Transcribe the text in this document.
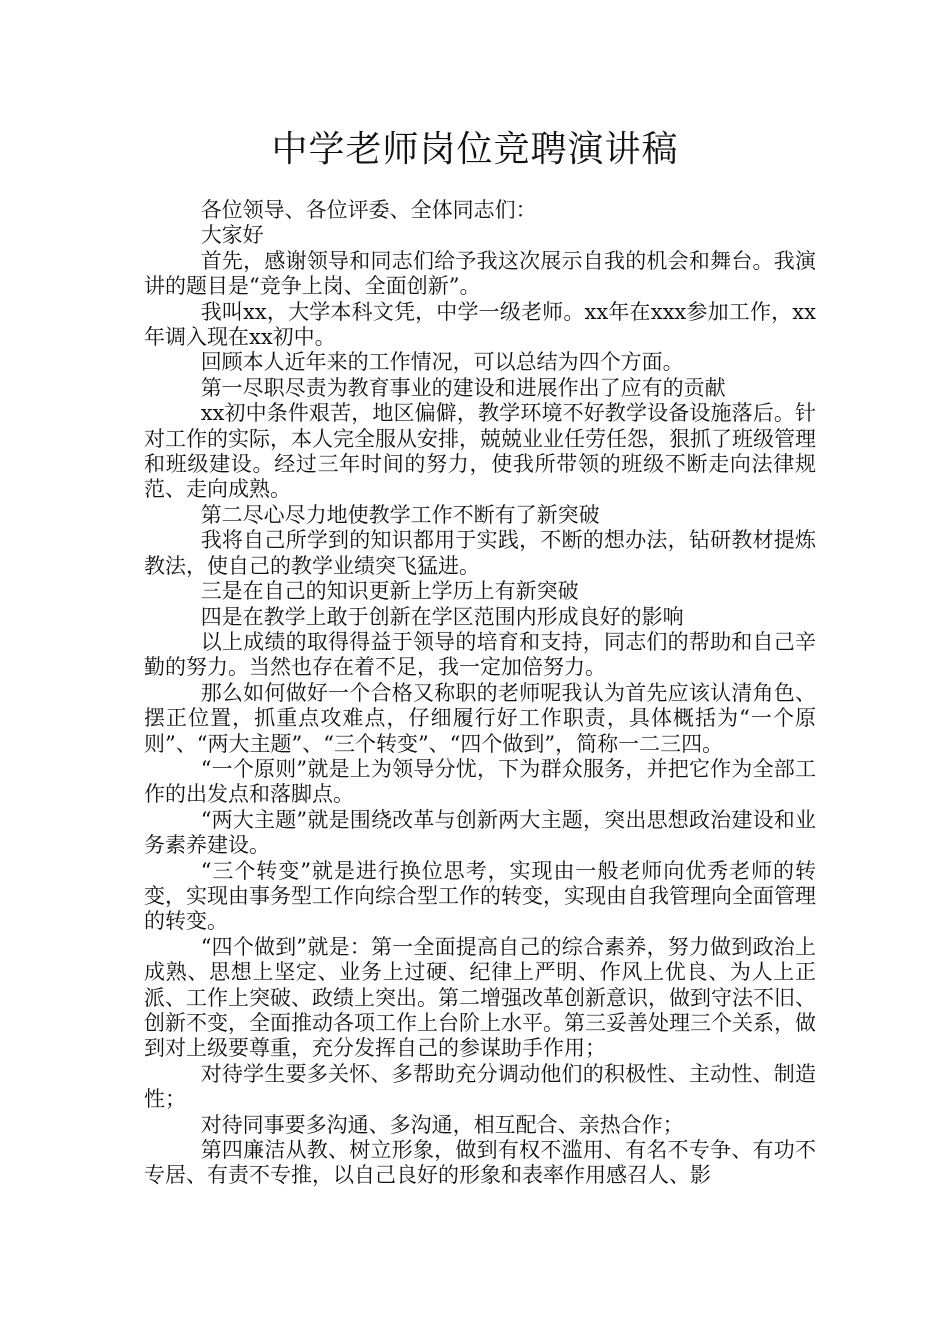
中学老师岗位竞聘演讲稿

各位领导、各位评委、全体同志们：

大家好

首先，感谢领导和同志们给予我这次展示自我的机会和舞台。我演讲的题目是“竞争上岗、全面创新”。

我叫xx，大学本科文凭，中学一级老师。xx年在xxx参加工作，xx年调入现在xx初中。

回顾本人近年来的工作情况，可以总结为四个方面。

第一尽职尽责为教育事业的建设和进展作出了应有的贡献

xx初中条件艰苦，地区偏僻，教学环境不好教学设备设施落后。针对工作的实际，本人完全服从安排，兢兢业业任劳任怨，狠抓了班级管理和班级建设。经过三年时间的努力，使我所带领的班级不断走向法律规范、走向成熟。

第二尽心尽力地使教学工作不断有了新突破

我将自己所学到的知识都用于实践，不断的想办法，钻研教材提炼教法，使自己的教学业绩突飞猛进。

三是在自己的知识更新上学历上有新突破

四是在教学上敢于创新在学区范围内形成良好的影响

以上成绩的取得得益于领导的培育和支持，同志们的帮助和自己辛勤的努力。当然也存在着不足，我一定加倍努力。

那么如何做好一个合格又称职的老师呢我认为首先应该认清角色、摆正位置，抓重点攻难点，仔细履行好工作职责，具体概括为“一个原则”、“两大主题”、“三个转变”、“四个做到”，简称一二三四。

“一个原则”就是上为领导分忧，下为群众服务，并把它作为全部工作的出发点和落脚点。

“两大主题”就是围绕改革与创新两大主题，突出思想政治建设和业务素养建设。

“三个转变”就是进行换位思考，实现由一般老师向优秀老师的转变，实现由事务型工作向综合型工作的转变，实现由自我管理向全面管理的转变。

“四个做到”就是：第一全面提高自己的综合素养，努力做到政治上成熟、思想上坚定、业务上过硬、纪律上严明、作风上优良、为人上正派、工作上突破、政绩上突出。第二增强改革创新意识，做到守法不旧、创新不变，全面推动各项工作上台阶上水平。第三妥善处理三个关系，做到对上级要尊重，充分发挥自己的参谋助手作用；

对待学生要多关怀、多帮助充分调动他们的积极性、主动性、制造性；

对待同事要多沟通、多沟通，相互配合、亲热合作；

第四廉洁从教、树立形象，做到有权不滥用、有名不专争、有功不专居、有责不专推，以自己良好的形象和表率作用感召人、影
